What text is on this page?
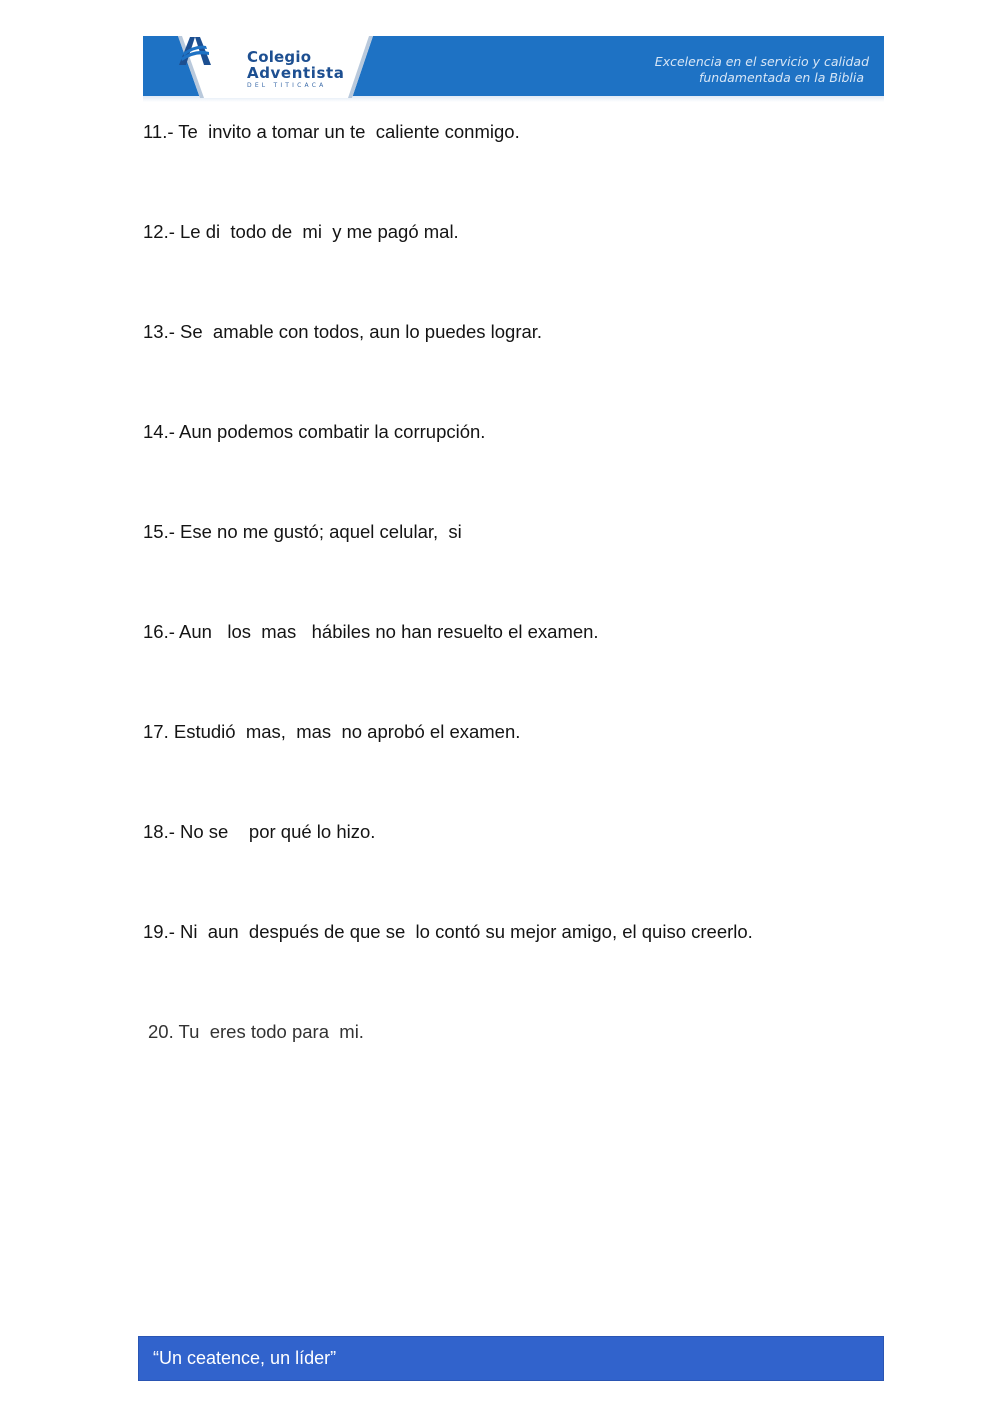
Colegio
Adventista
DEL TITICACA
Excelencia en el servicio y calidad
fundamentada en la Biblia
11.- Te  invito a tomar un te  caliente conmigo.
12.- Le di  todo de  mi  y me pagó mal.
13.- Se  amable con todos, aun lo puedes lograr.
14.- Aun podemos combatir la corrupción.
15.- Ese no me gustó; aquel celular,  si
16.- Aun   los  mas   hábiles no han resuelto el examen.
17. Estudió  mas,  mas  no aprobó el examen.
18.- No se    por qué lo hizo.
19.- Ni  aun  después de que se  lo contó su mejor amigo, el quiso creerlo.
20. Tu  eres todo para  mi.
“Un ceatence, un líder”
